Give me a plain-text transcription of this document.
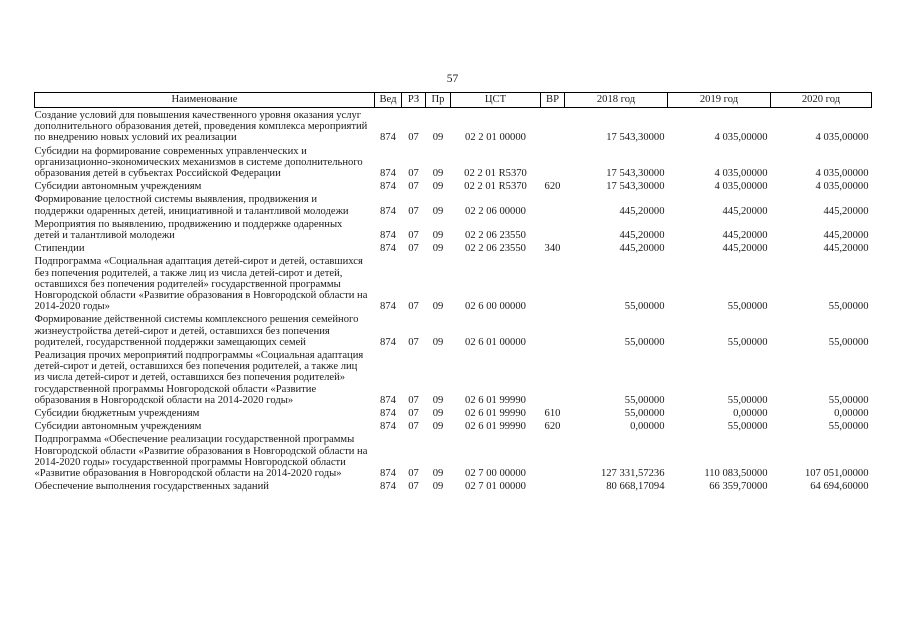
57
Наименование	Вед	РЗ	Пр	ЦСТ	ВР	2018 год	2019 год	2020 год
Создание условий для повышения качественного уровня оказания услуг дополнительного образования детей, проведения комплекса мероприятий по внедрению новых условий их реализации	874	07	09	02 2 01 00000		17 543,30000	4 035,00000	4 035,00000
Субсидии на формирование современных управленческих и организационно-экономических механизмов в системе дополнительного образования детей в субъектах Российской Федерации	874	07	09	02 2 01 R5370		17 543,30000	4 035,00000	4 035,00000
Субсидии автономным учреждениям	874	07	09	02 2 01 R5370	620	17 543,30000	4 035,00000	4 035,00000
Формирование целостной системы выявления, продвижения и поддержки одаренных детей, инициативной и талантливой молодежи	874	07	09	02 2 06 00000		445,20000	445,20000	445,20000
Мероприятия по выявлению, продвижению и поддержке одаренных детей и талантливой молодежи	874	07	09	02 2 06 23550		445,20000	445,20000	445,20000
Стипендии	874	07	09	02 2 06 23550	340	445,20000	445,20000	445,20000
Подпрограмма «Социальная адаптация детей-сирот и детей, оставшихся без попечения родителей, а также лиц из числа детей-сирот и детей, оставшихся без попечения родителей» государственной программы Новгородской области «Развитие образования в Новгородской области на 2014-2020 годы»	874	07	09	02 6 00 00000		55,00000	55,00000	55,00000
Формирование действенной системы комплексного решения семейного жизнеустройства детей-сирот и детей, оставшихся без попечения родителей, государственной поддержки замещающих семей	874	07	09	02 6 01 00000		55,00000	55,00000	55,00000
Реализация прочих мероприятий подпрограммы «Социальная адаптация детей-сирот и детей, оставшихся без попечения родителей, а также лиц из числа детей-сирот и детей, оставшихся без попечения родителей» государственной программы Новгородской области «Развитие образования в Новгородской области на 2014-2020 годы»	874	07	09	02 6 01 99990		55,00000	55,00000	55,00000
Субсидии бюджетным учреждениям	874	07	09	02 6 01 99990	610	55,00000	0,00000	0,00000
Субсидии автономным учреждениям	874	07	09	02 6 01 99990	620	0,00000	55,00000	55,00000
Подпрограмма «Обеспечение реализации государственной программы Новгородской области «Развитие образования в Новгородской области на 2014-2020 годы» государственной программы Новгородской области «Развитие образования в Новгородской области на 2014-2020 годы»	874	07	09	02 7 00 00000		127 331,57236	110 083,50000	107 051,00000
Обеспечение выполнения государственных заданий	874	07	09	02 7 01 00000		80 668,17094	66 359,70000	64 694,60000
